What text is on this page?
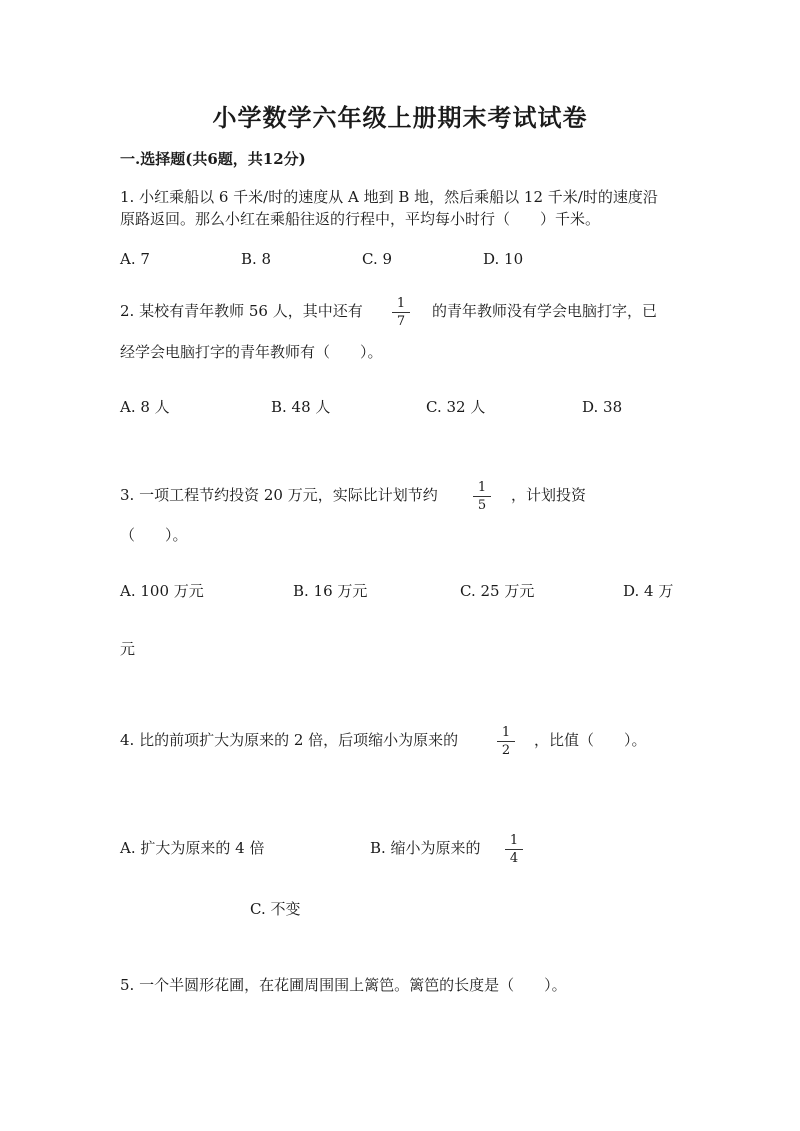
小学数学六年级上册期末考试试卷
一.选择题(共6题，共12分)
1. 小红乘船以 6 千米/时的速度从 A 地到 B 地，然后乘船以 12 千米/时的速度沿
原路返回。那么小红在乘船往返的行程中，平均每小时行（　　）千米。
A. 7	B. 8	C. 9	D. 10
2. 某校有青年教师 56 人，其中还有	1
7
的青年教师没有学会电脑打字，已
经学会电脑打字的青年教师有（　　）。
A. 8 人	B. 48 人	C. 32 人	D. 38
3. 一项工程节约投资 20 万元，实际比计划节约	1
5
，计划投资
（　　）。
A. 100 万元	B. 16 万元	C. 25 万元	D. 4 万
元
4. 比的前项扩大为原来的 2 倍，后项缩小为原来的	1
2
，比值（　　）。
A. 扩大为原来的 4 倍	B. 缩小为原来的	1
4
C. 不变
5. 一个半圆形花圃，在花圃周围围上篱笆。篱笆的长度是（　　）。
